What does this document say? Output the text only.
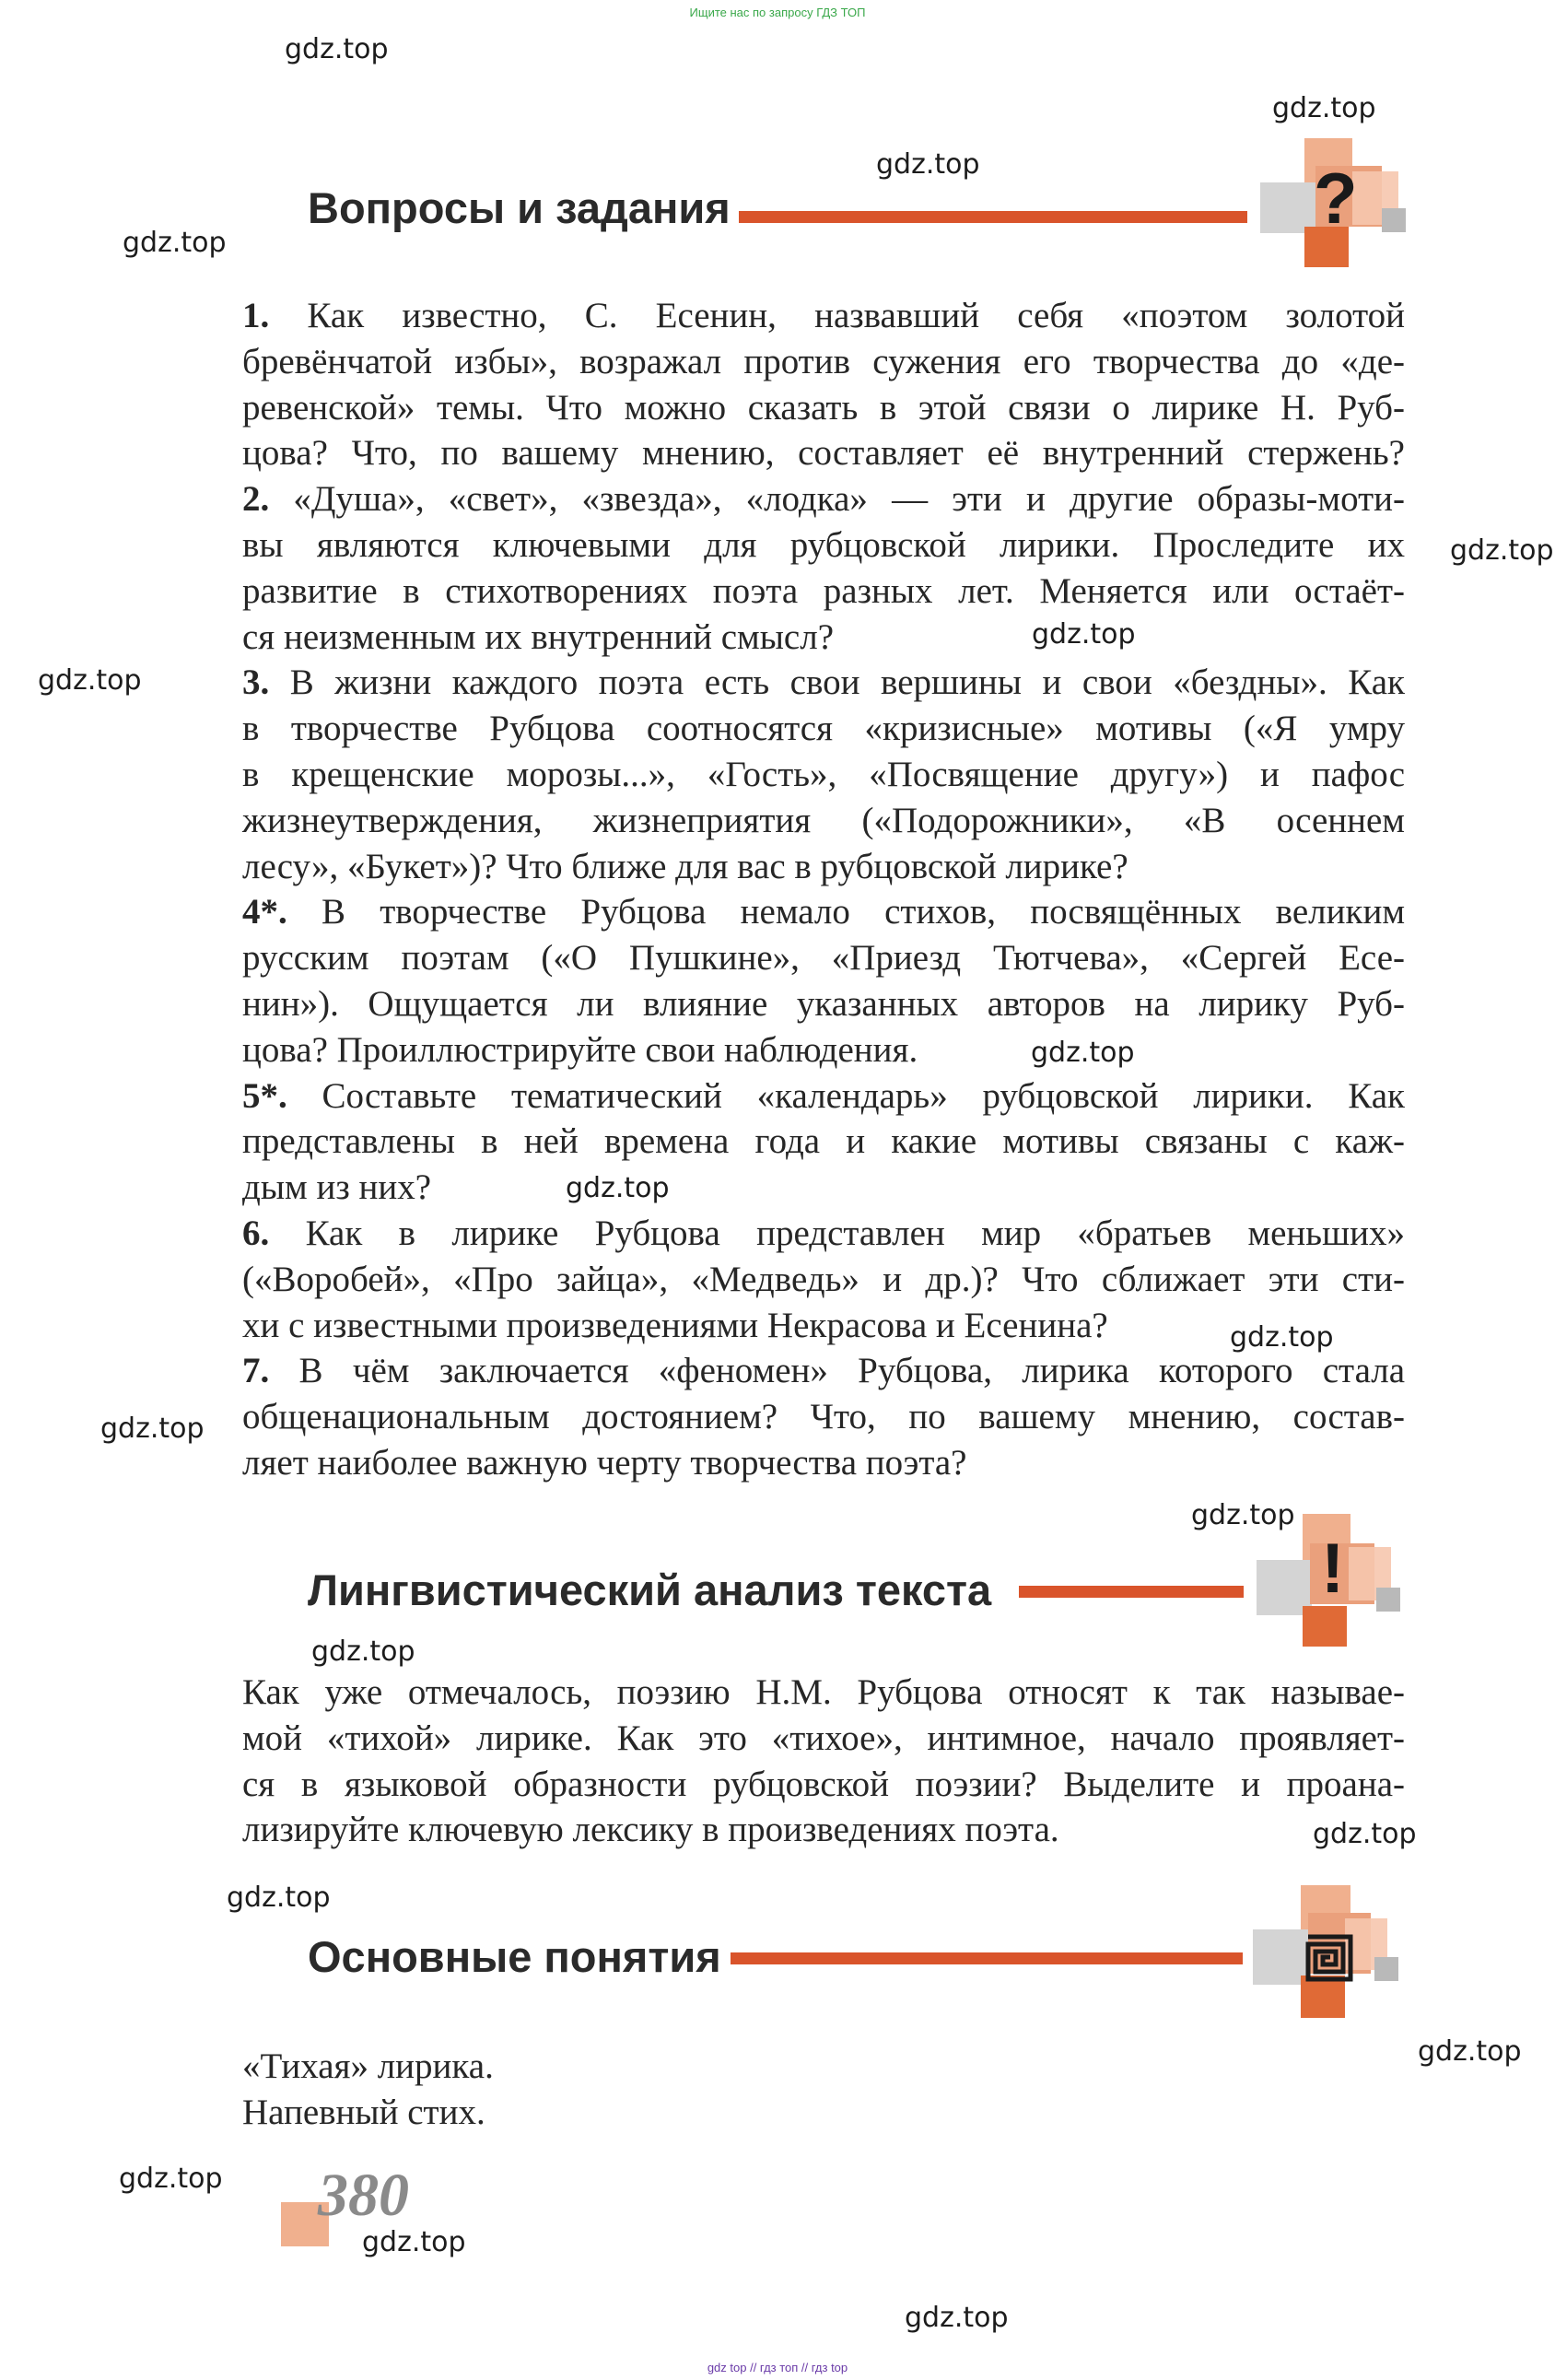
Ищите нас по запросу ГДЗ ТОП
gdz top // гдз топ // гдз top
gdz.top
gdz.top
gdz.top
gdz.top
gdz.top
gdz.top
gdz.top
gdz.top
gdz.top
gdz.top
gdz.top
gdz.top
gdz.top
gdz.top
gdz.top
gdz.top
gdz.top
gdz.top
gdz.top
Вопросы и задания	?

1. Как известно, С. Есенин, назвавший себя «поэтом золотой
бревёнчатой избы», возражал против сужения его творчества до «де-
ревенской» темы. Что можно сказать в этой связи о лирике Н. Руб-
цова? Что, по вашему мнению, составляет её внутренний стержень?

2. «Душа», «свет», «звезда», «лодка» — эти и другие образы-моти-
вы являются ключевыми для рубцовской лирики. Проследите их
развитие в стихотворениях поэта разных лет. Меняется или остаёт-
ся неизменным их внутренний смысл?

3. В жизни каждого поэта есть свои вершины и свои «бездны». Как
в творчестве Рубцова соотносятся «кризисные» мотивы («Я умру
в крещенские морозы...», «Гость», «Посвящение другу») и пафос
жизнеутверждения, жизнеприятия («Подорожники», «В осеннем
лесу», «Букет»)? Что ближе для вас в рубцовской лирике?

4*. В творчестве Рубцова немало стихов, посвящённых великим
русским поэтам («О Пушкине», «Приезд Тютчева», «Сергей Есе-
нин»). Ощущается ли влияние указанных авторов на лирику Руб-
цова? Проиллюстрируйте свои наблюдения.

5*. Составьте тематический «календарь» рубцовской лирики. Как
представлены в ней времена года и какие мотивы связаны с каж-
дым из них?

6. Как в лирике Рубцова представлен мир «братьев меньших»
(«Воробей», «Про зайца», «Медведь» и др.)? Что сближает эти сти-
хи с известными произведениями Некрасова и Есенина?

7. В чём заключается «феномен» Рубцова, лирика которого стала
общенациональным достоянием? Что, по вашему мнению, состав-
ляет наиболее важную черту творчества поэта?

Лингвистический анализ текста	!

Как уже отмечалось, поэзию Н.М. Рубцова относят к так называе-
мой «тихой» лирике. Как это «тихое», интимное, начало проявляет-
ся в языковой образности рубцовской поэзии? Выделите и проана-
лизируйте ключевую лексику в произведениях поэта.

Основные понятия
«Тихая» лирика.
Напевный стих.
380
